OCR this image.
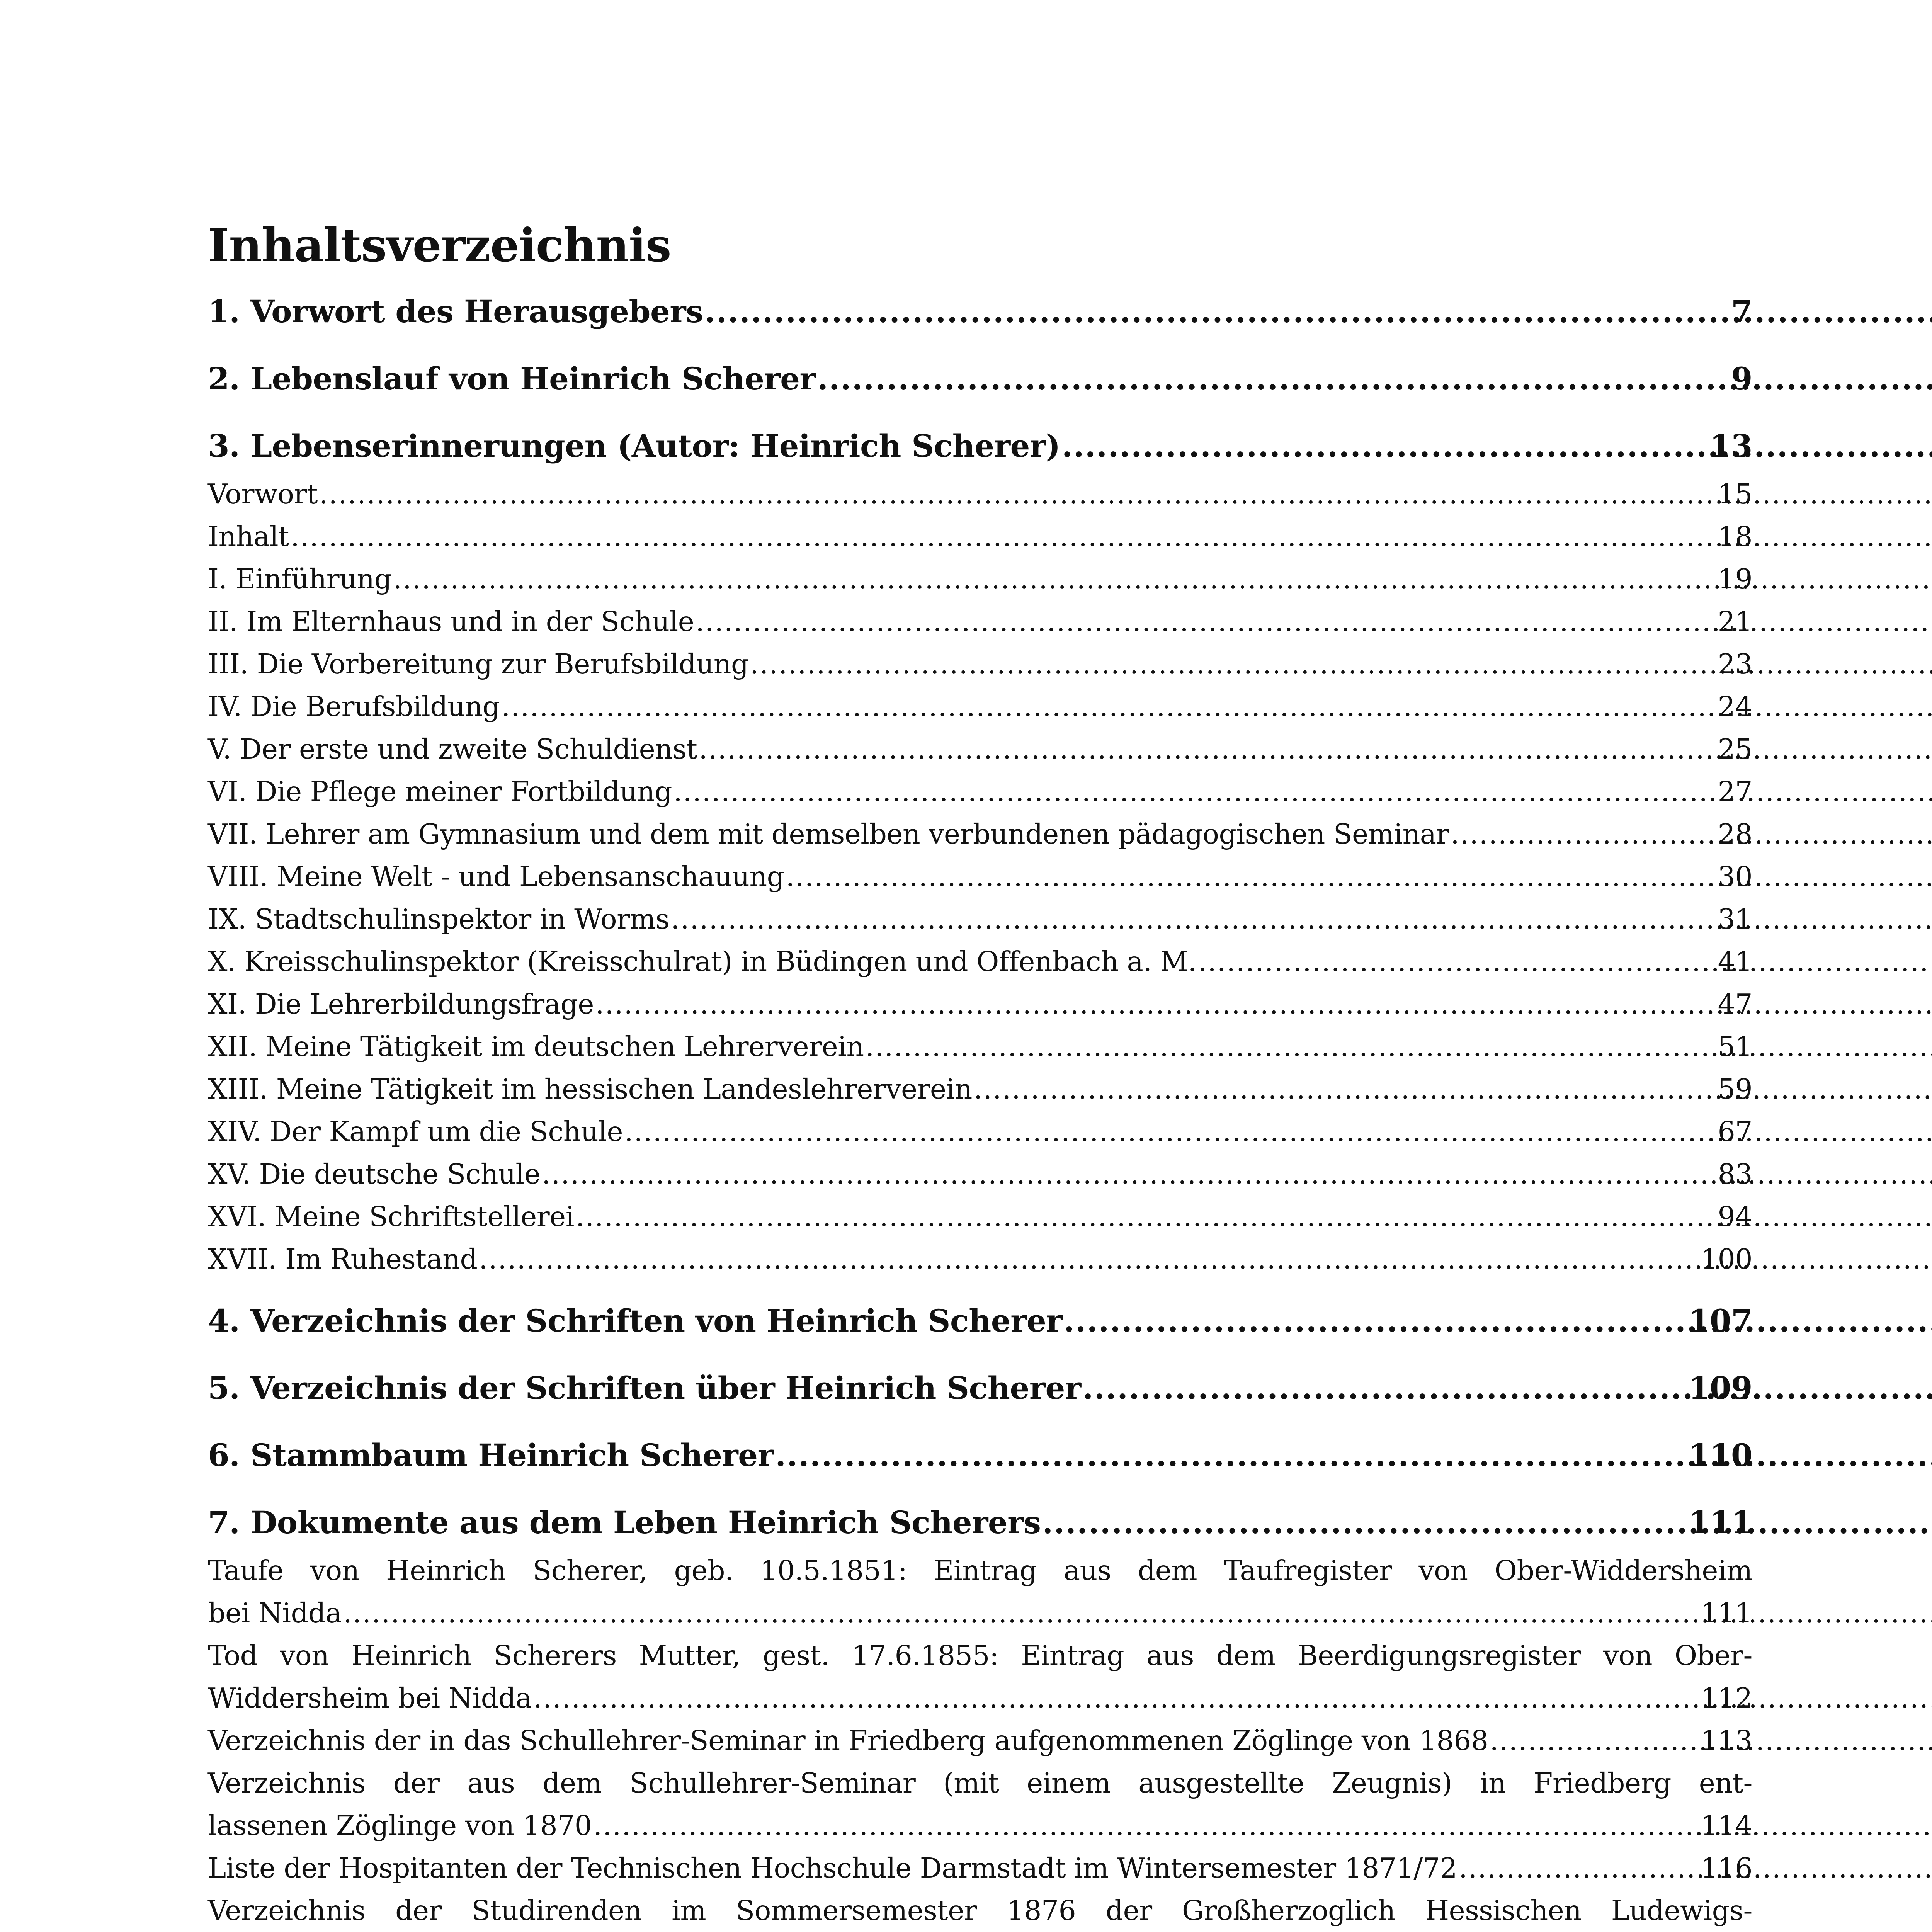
Inhaltsverzeichnis
1. Vorwort des Herausgebers .....	7
2. Lebenslauf von Heinrich Scherer .....	9
3. Lebenserinnerungen (Autor: Heinrich Scherer) .....	13
Vorwort .....	15
Inhalt .....	18
I. Einführung .....	19
II. Im Elternhaus und in der Schule .....	21
III. Die Vorbereitung zur Berufsbildung .....	23
IV. Die Berufsbildung .....	24
V. Der erste und zweite Schuldienst .....	25
VI. Die Pflege meiner Fortbildung .....	27
VII. Lehrer am Gymnasium und dem mit demselben verbundenen pädagogischen Seminar .....	28
VIII. Meine Welt - und Lebensanschauung .....	30
IX. Stadtschulinspektor in Worms .....	31
X. Kreisschulinspektor (Kreisschulrat) in Büdingen und Offenbach a. M. .....	41
XI. Die Lehrerbildungsfrage .....	47
XII. Meine Tätigkeit im deutschen Lehrerverein .....	51
XIII. Meine Tätigkeit im hessischen Landeslehrerverein .....	59
XIV. Der Kampf um die Schule .....	67
XV. Die deutsche Schule .....	83
XVI. Meine Schriftstellerei .....	94
XVII. Im Ruhestand .....	100
4. Verzeichnis der Schriften von Heinrich Scherer .....	107
5. Verzeichnis der Schriften über Heinrich Scherer .....	109
6. Stammbaum Heinrich Scherer .....	110
7. Dokumente aus dem Leben Heinrich Scherers .....	111
Taufe von Heinrich Scherer, geb. 10.5.1851: Eintrag aus dem Taufregister von Ober-Widdersheim
bei Nidda .....	111
Tod von Heinrich Scherers Mutter, gest. 17.6.1855: Eintrag aus dem Beerdigungsregister von Ober-
Widdersheim bei Nidda .....	112
Verzeichnis der in das Schullehrer-Seminar in Friedberg aufgenommenen Zöglinge von 1868 .....	113
Verzeichnis der aus dem Schullehrer-Seminar (mit einem ausgestellte Zeugnis) in Friedberg ent-
lassenen Zöglinge von 1870 .....	114
Liste der Hospitanten der Technischen Hochschule Darmstadt im Wintersemester 1871/72 .....	116
Verzeichnis der Studirenden im Sommersemester 1876 der Großherzoglich Hessischen Ludewigs-
